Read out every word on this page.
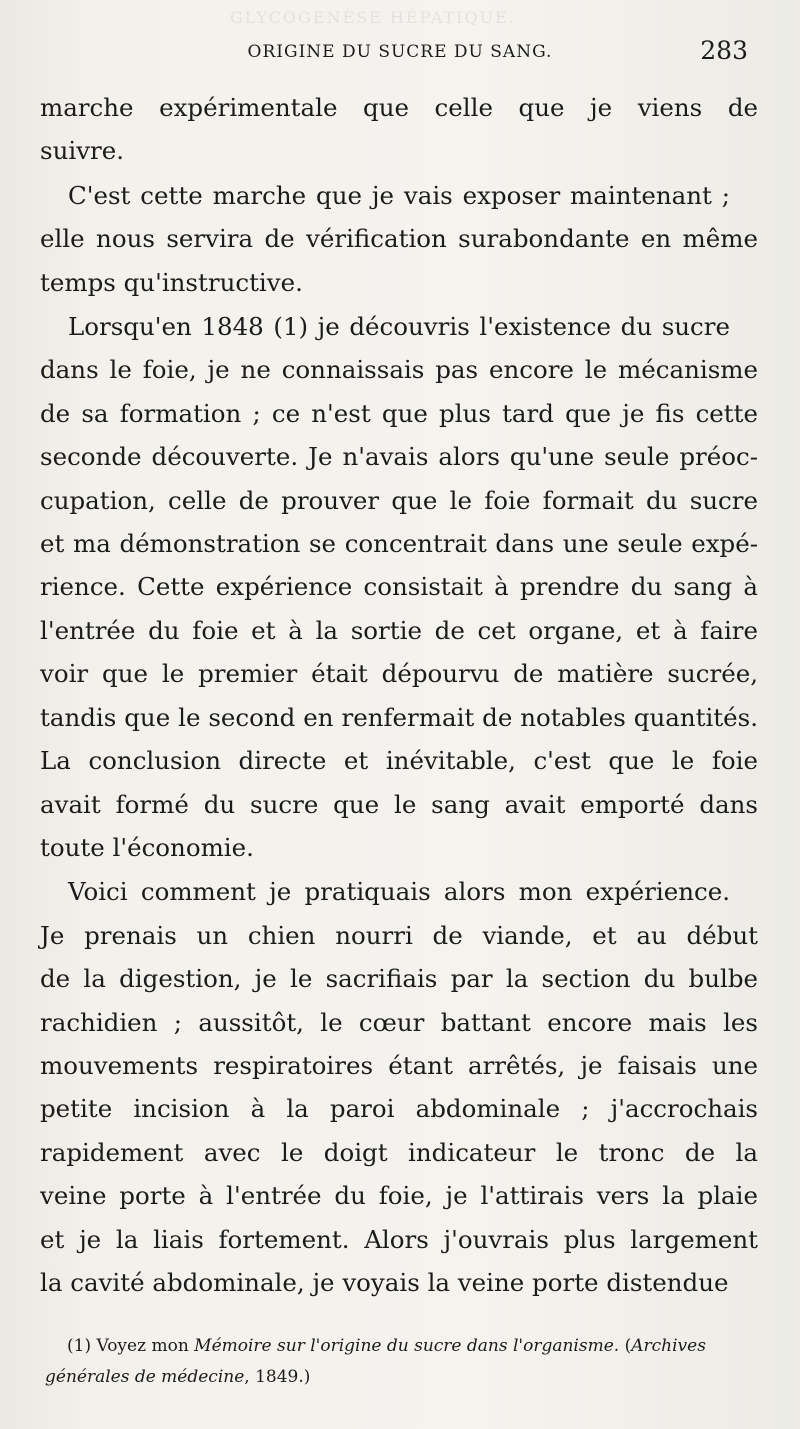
GLYCOGENÈSE HÉPATIQUE.
ORIGINE DU SUCRE DU SANG.	283

marche expérimentale que celle que je viens de
suivre.

C'est cette marche que je vais exposer maintenant ;
elle nous servira de vérification surabondante en même
temps qu'instructive.

Lorsqu'en 1848 (1) je découvris l'existence du sucre
dans le foie, je ne connaissais pas encore le mécanisme
de sa formation ; ce n'est que plus tard que je fis cette
seconde découverte. Je n'avais alors qu'une seule préoc-
cupation, celle de prouver que le foie formait du sucre
et ma démonstration se concentrait dans une seule expé-
rience. Cette expérience consistait à prendre du sang à
l'entrée du foie et à la sortie de cet organe, et à faire
voir que le premier était dépourvu de matière sucrée,
tandis que le second en renfermait de notables quantités.
La conclusion directe et inévitable, c'est que le foie
avait formé du sucre que le sang avait emporté dans
toute l'économie.

Voici comment je pratiquais alors mon expérience.
Je prenais un chien nourri de viande, et au début
de la digestion, je le sacrifiais par la section du bulbe
rachidien ; aussitôt, le cœur battant encore mais les
mouvements respiratoires étant arrêtés, je faisais une
petite incision à la paroi abdominale ; j'accrochais
rapidement avec le doigt indicateur le tronc de la
veine porte à l'entrée du foie, je l'attirais vers la plaie
et je la liais fortement. Alors j'ouvrais plus largement
la cavité abdominale, je voyais la veine porte distendue

(1) Voyez mon Mémoire sur l'origine du sucre dans l'organisme. (Archives
générales de médecine, 1849.)
